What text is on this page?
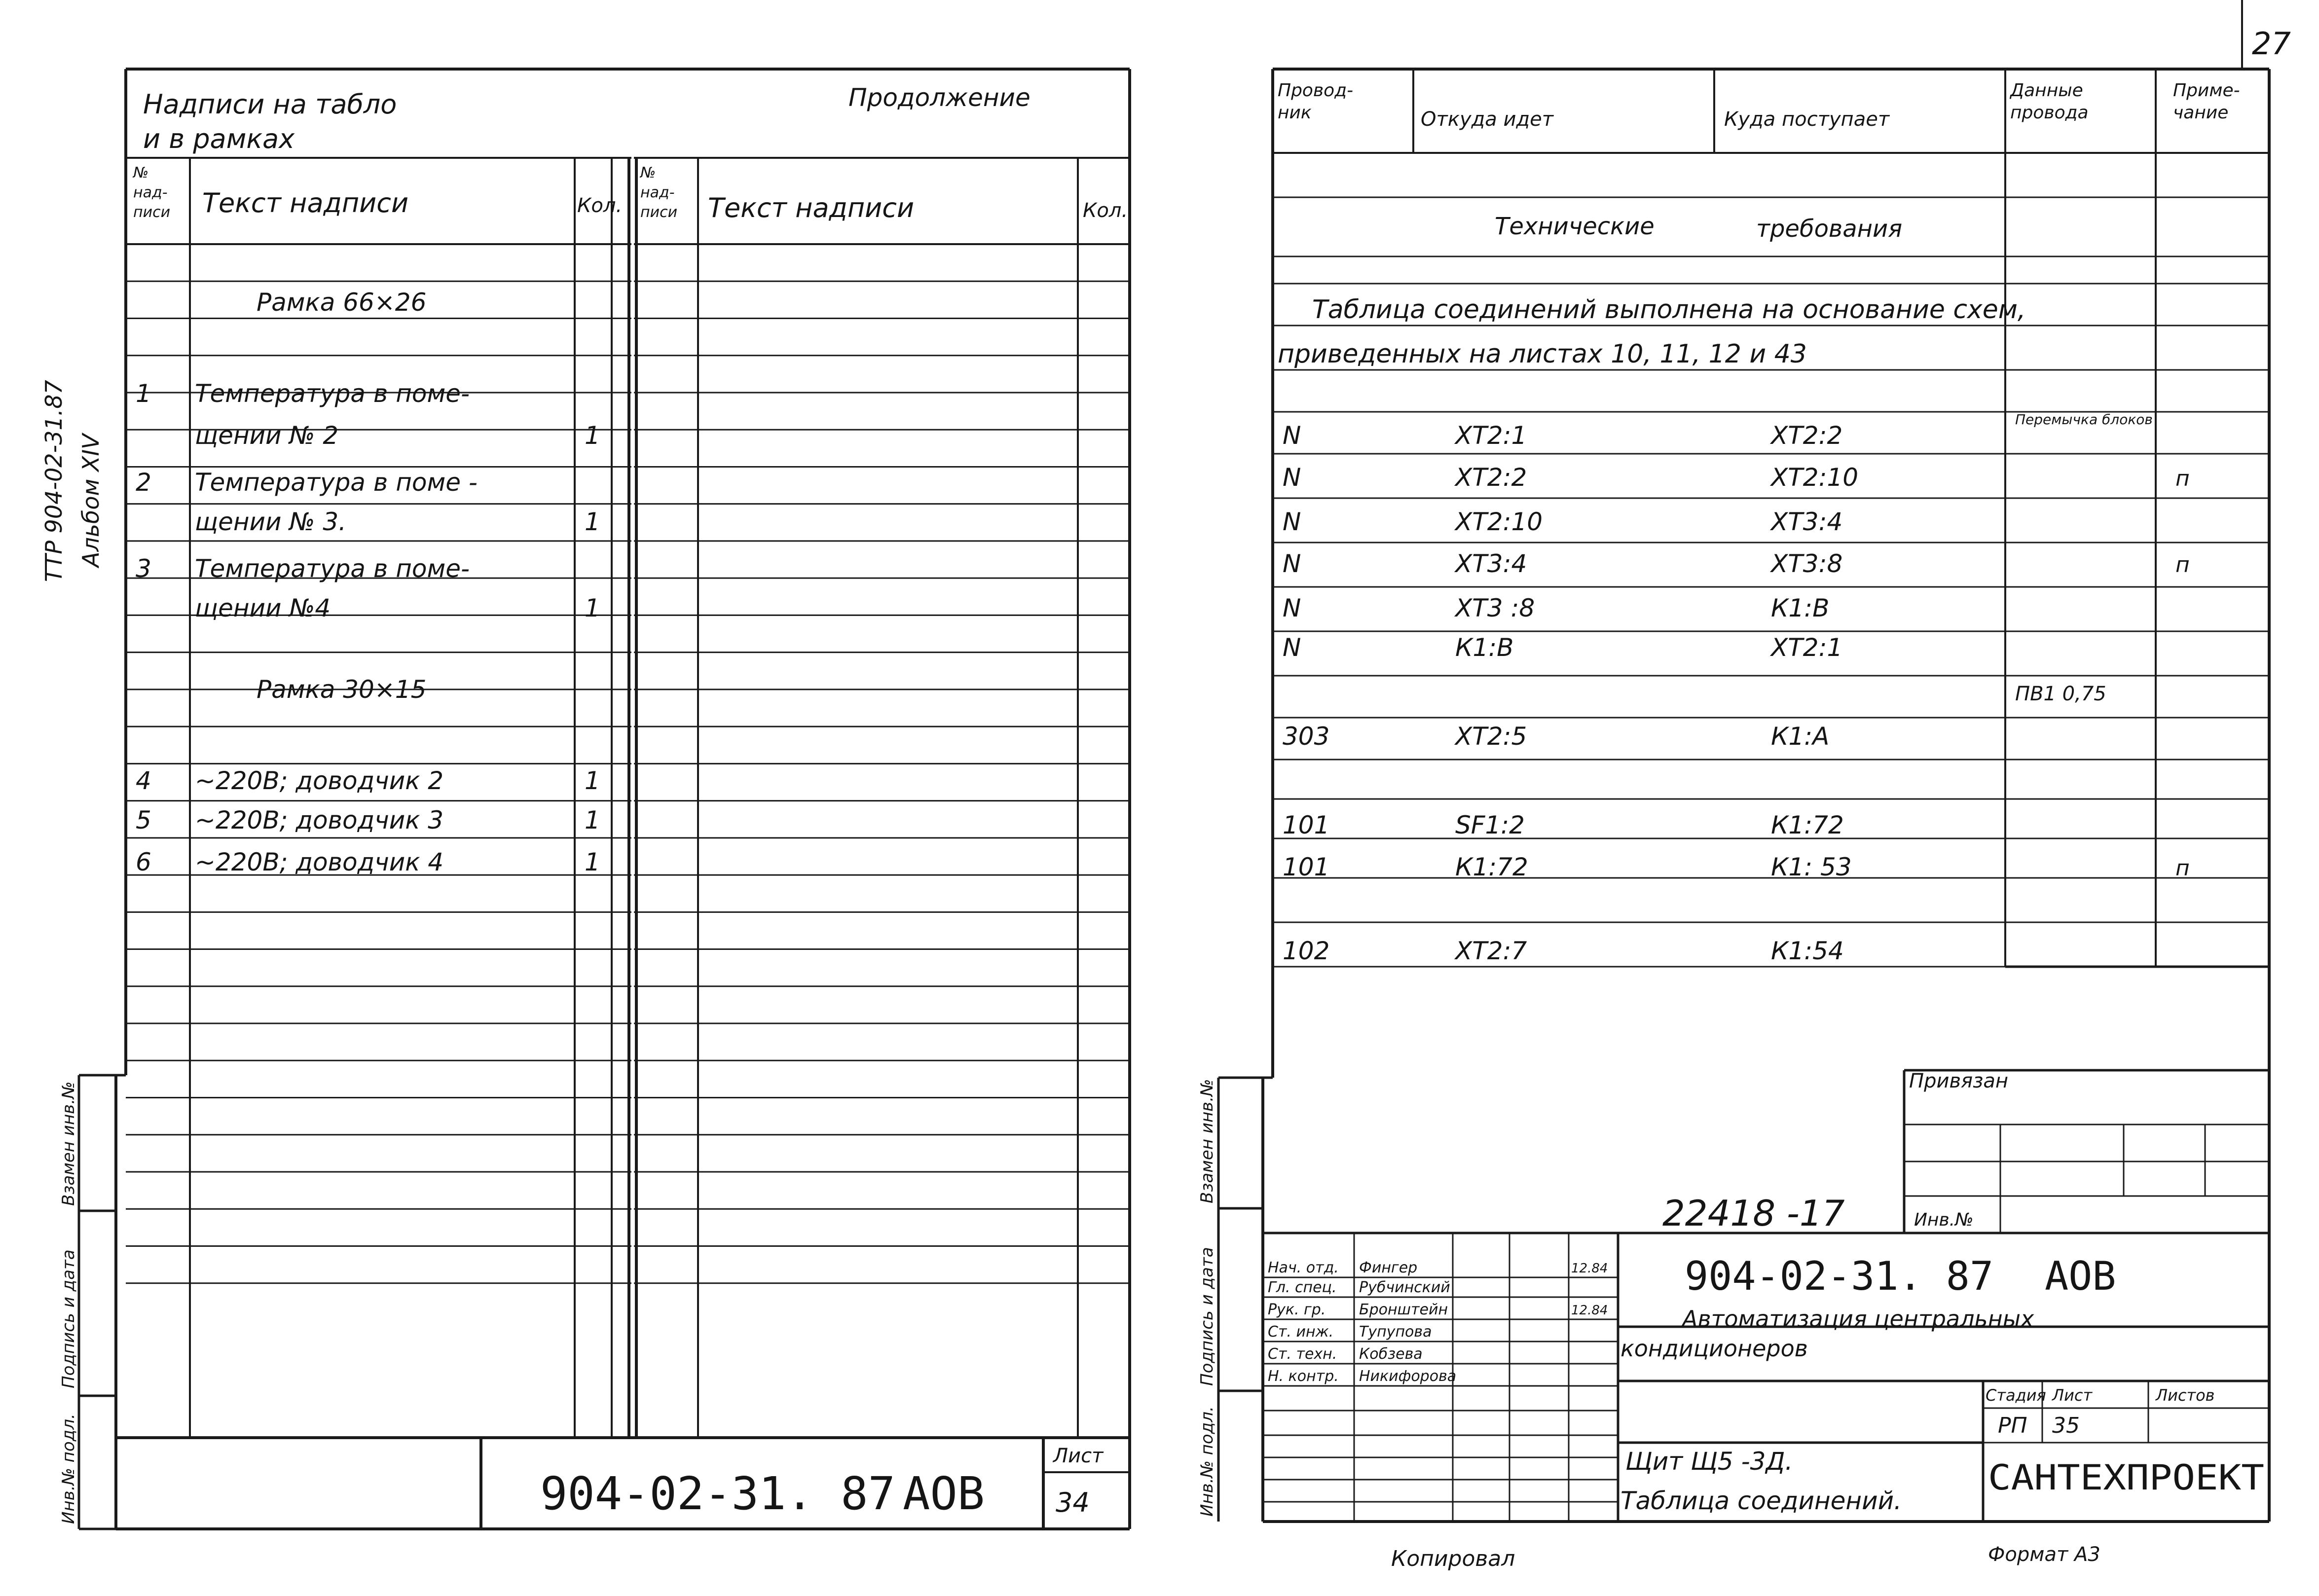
27
ТТР 904-02-31.87 Альбом XIV
Взамен инв.№
Подпись и дата
Инв.№ подл.
Взамен инв.№
Подпись и дата
Инв.№ подл.
Надписи на табло
и в рамках
Продолжение
№
над-
писи Текст надписи	Кол.
№
над-
писи Текст надписи	Кол.
Рамка 66×26
1 Температура в поме-
щении № 2	1
2 Температура в поме -
щении № 3.	1
3 Температура в поме-
щении №4	1
Рамка 30×15
4 ~220В; доводчик 2	1
5 ~220В; доводчик 3	1
6 ~220В; доводчик 4	1
904-02-31. 87 АОВ
Лист
34
Провод-
ник	Откуда идет	Куда поступает
Данные
провода
Приме-
чание
Технические	требования
Таблица соединений выполнена на основание схем,
приведенных на листах 10, 11, 12 и 43
N	ХТ2:1	ХТ2:2
Перемычка блоков
N	ХТ2:2	ХТ2:10	п
N	ХТ2:10	ХТ3:4
N	ХТ3:4	ХТ3:8	п
N	ХТ3 :8	К1:В
N	К1:В	ХТ2:1
ПВ1 0,75
303	ХТ2:5	К1:А
101	SF1:2	К1:72
101	К1:72	К1: 53	п
102	ХТ2:7	К1:54
Привязан
Инв.№
22418 -17
904-02-31. 87 АОВ
Автоматизация центральных
кондиционеров
Щит Щ5 -3Д.
Таблица соединений.
Стадия Лист	Листов
РП 35
САНТЕХПРОЕКТ
Нач. отд. Фингер	12.84
Гл. спец. Рубчинский
Рук. гр. Бронштейн	12.84
Ст. инж. Тупупова
Ст. техн. Кобзева
Н. контр. Никифорова
Копировал	Формат А3
